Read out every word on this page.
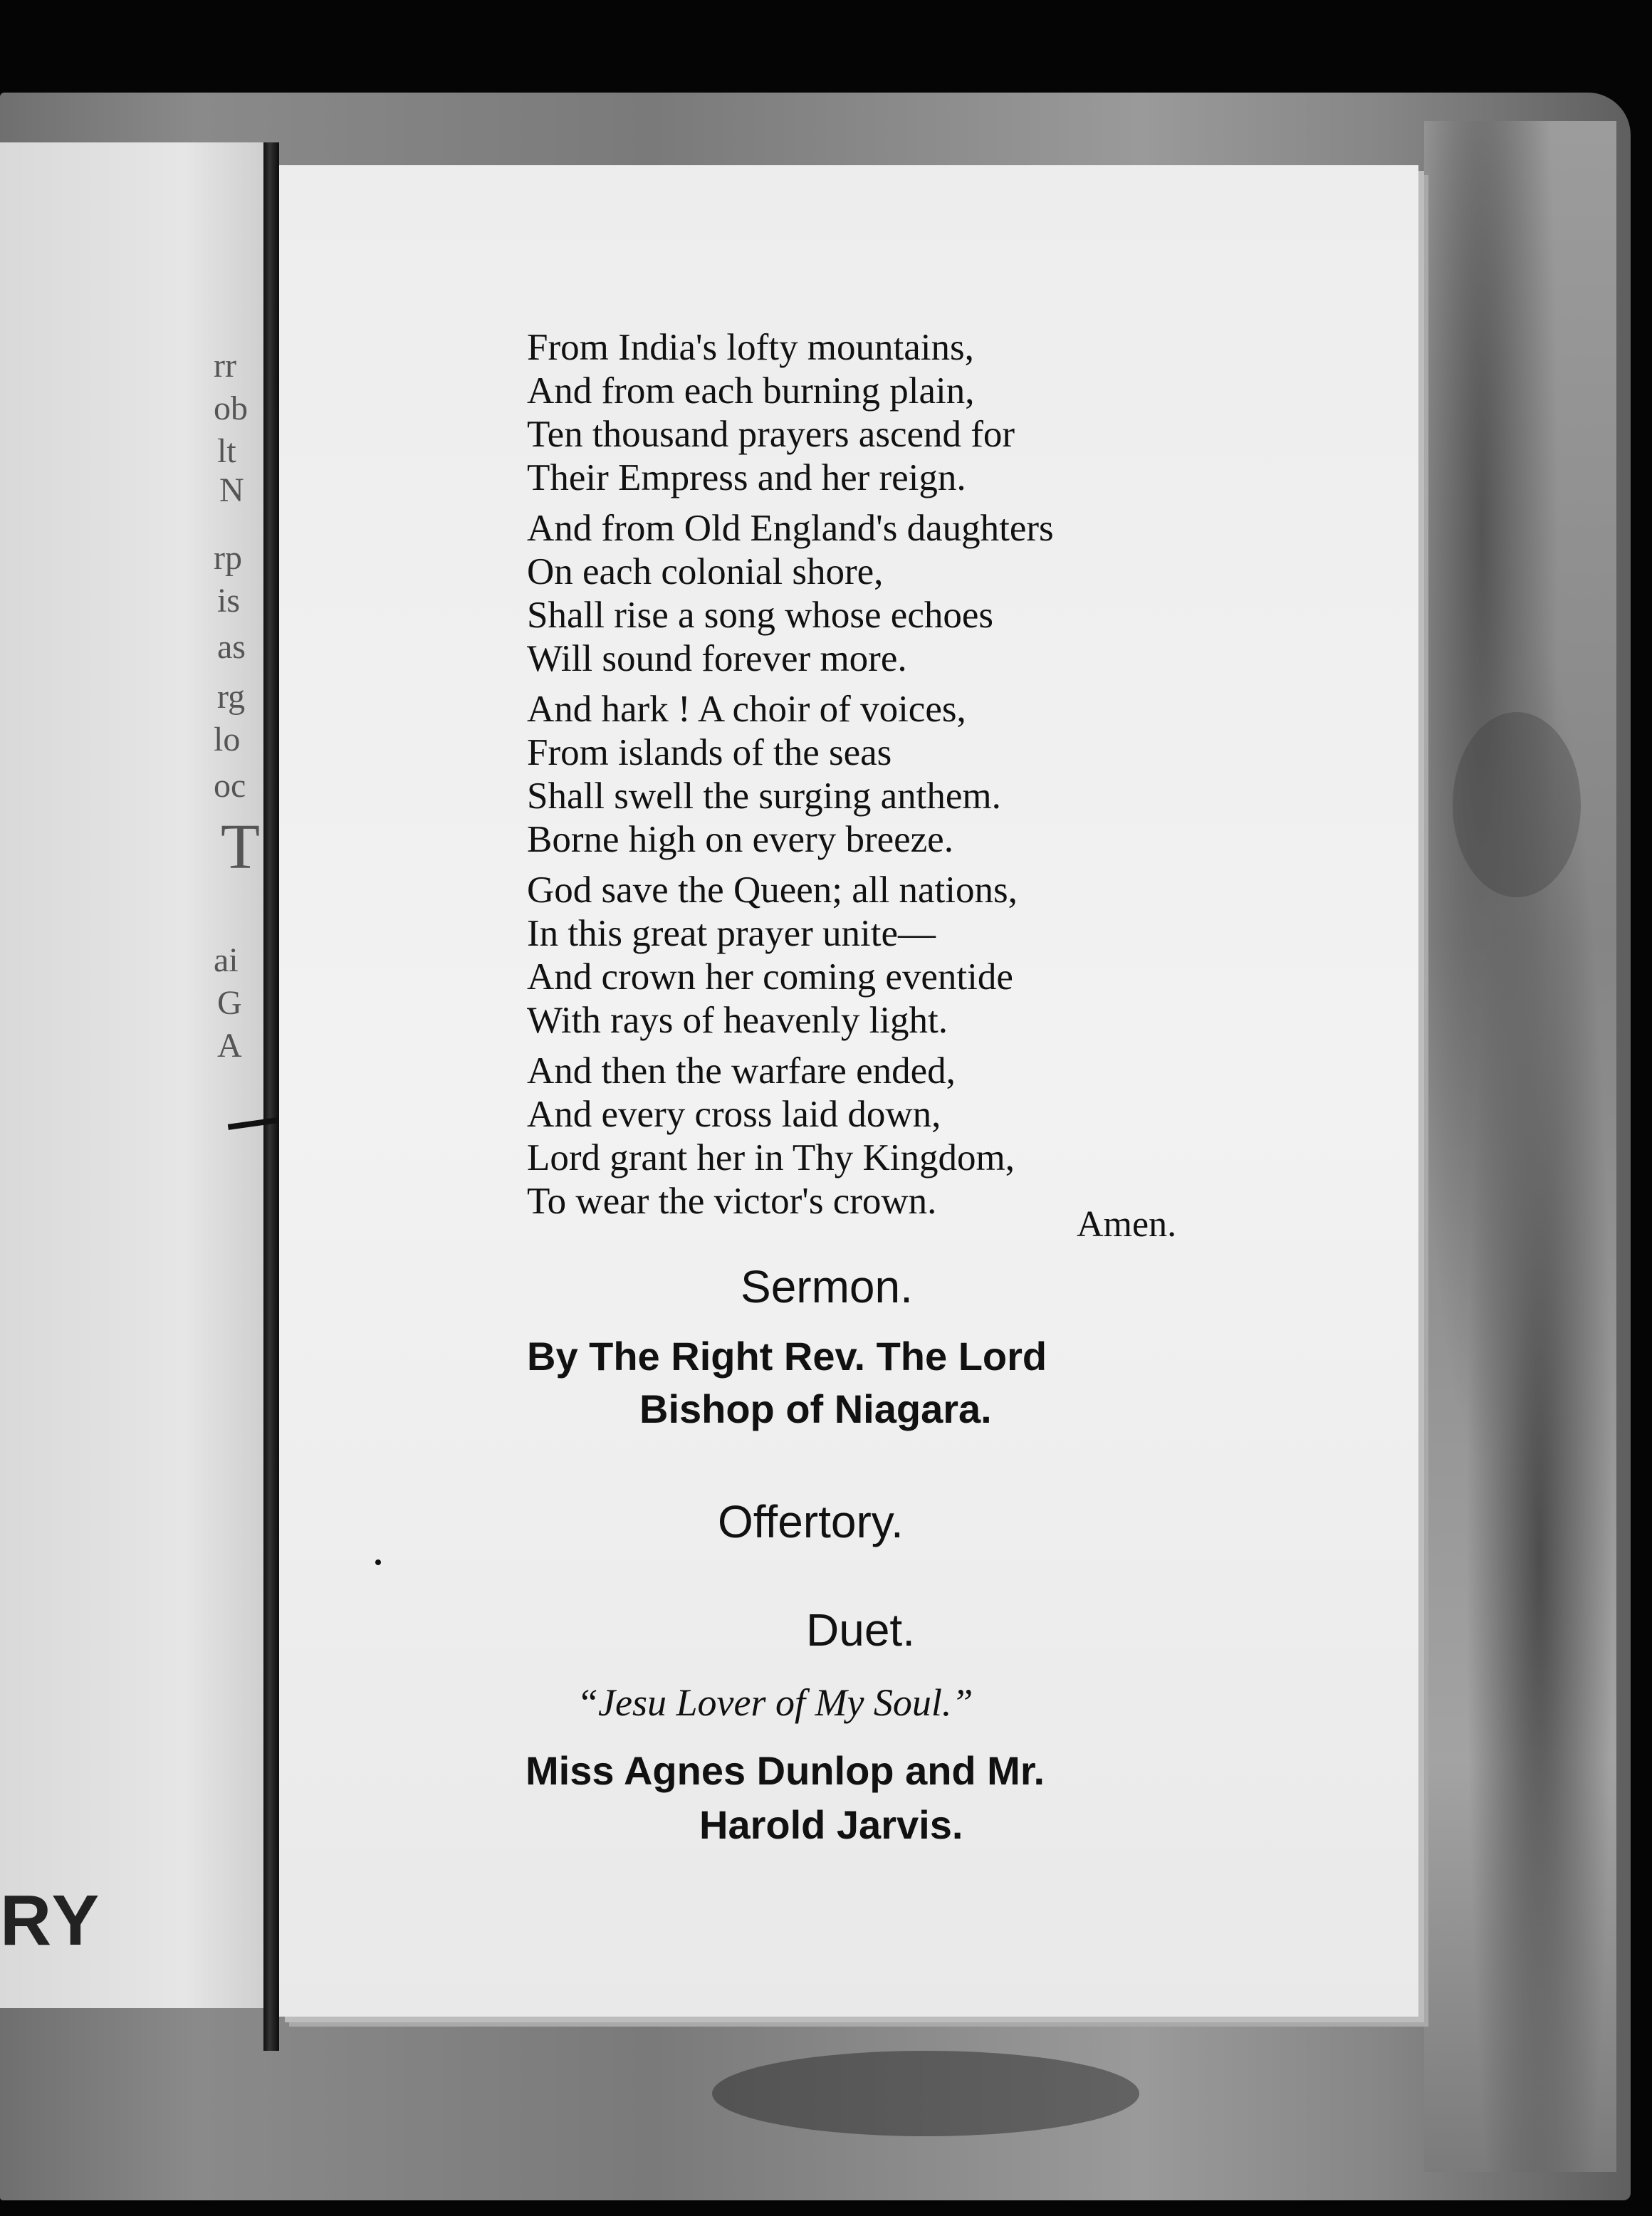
rr
ob
lt
N
rp
is
as
rg
lo
oc
T
ai
G
A
RY

From India's lofty mountains,
And from each burning plain,
Ten thousand prayers ascend for
Their Empress and her reign.
And from Old England's daughters
On each colonial shore,
Shall rise a song whose echoes
Will sound forever more.
And hark ! A choir of voices,
From islands of the seas
Shall swell the surging anthem.
Borne high on every breeze.
God save the Queen; all nations,
In this great prayer unite—
And crown her coming eventide
With rays of heavenly light.
And then the warfare ended,
And every cross laid down,
Lord grant her in Thy Kingdom,
To wear the victor's crown.
Amen.
Sermon.
By The Right Rev. The Lord
Bishop of Niagara.
Offertory.
Duet.
“Jesu Lover of My Soul.”
Miss Agnes Dunlop and Mr.
Harold Jarvis.
